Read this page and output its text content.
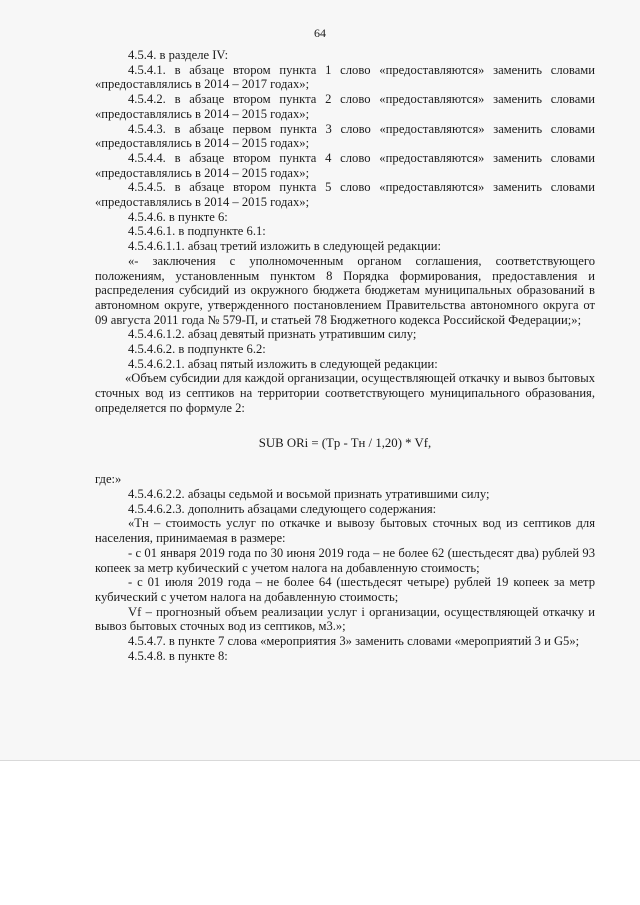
64

4.5.4. в разделе IV:

4.5.4.1. в абзаце втором пункта 1 слово «предоставляются» заменить словами «предоставлялись в 2014 – 2017 годах»;

4.5.4.2. в абзаце втором пункта 2 слово «предоставляются» заменить словами «предоставлялись в 2014 – 2015 годах»;

4.5.4.3. в абзаце первом пункта 3 слово «предоставляются» заменить словами «предоставлялись в 2014 – 2015 годах»;

4.5.4.4. в абзаце втором пункта 4 слово «предоставляются» заменить словами «предоставлялись в 2014 – 2015 годах»;

4.5.4.5. в абзаце втором пункта 5 слово «предоставляются» заменить словами «предоставлялись в 2014 – 2015 годах»;

4.5.4.6. в пункте 6:

4.5.4.6.1. в подпункте 6.1:

4.5.4.6.1.1. абзац третий изложить в следующей редакции:

«- заключения с уполномоченным органом соглашения, соответствующего положениям, установленным пунктом 8 Порядка формирования, предоставления и распределения субсидий из окружного бюджета бюджетам муниципальных образований в автономном округе, утвержденного постановлением Правительства автономного округа от 09 августа 2011 года № 579-П, и статьей 78 Бюджетного кодекса Российской Федерации;»;

4.5.4.6.1.2. абзац девятый признать утратившим силу;

4.5.4.6.2. в подпункте 6.2:

4.5.4.6.2.1. абзац пятый изложить в следующей редакции:

«Объем субсидии для каждой организации, осуществляющей откачку и вывоз бытовых сточных вод из септиков на территории соответствующего муниципального образования, определяется по формуле 2:

SUB ORi = (Tp - Tн / 1,20) * Vf,

где:»

4.5.4.6.2.2. абзацы седьмой и восьмой признать утратившими силу;

4.5.4.6.2.3. дополнить абзацами следующего содержания:

«Tн – стоимость услуг по откачке и вывозу бытовых сточных вод из септиков для населения, принимаемая в размере:

- с 01 января 2019 года по 30 июня 2019 года – не более 62 (шестьдесят два) рублей 93 копеек за метр кубический с учетом налога на добавленную стоимость;

- с 01 июля 2019 года – не более 64 (шестьдесят четыре) рублей 19 копеек за метр кубический с учетом налога на добавленную стоимость;

Vf – прогнозный объем реализации услуг i организации, осуществляющей откачку и вывоз бытовых сточных вод из септиков, м3.»;

4.5.4.7. в пункте 7 слова «мероприятия 3» заменить словами «мероприятий 3 и G5»;

4.5.4.8. в пункте 8:
